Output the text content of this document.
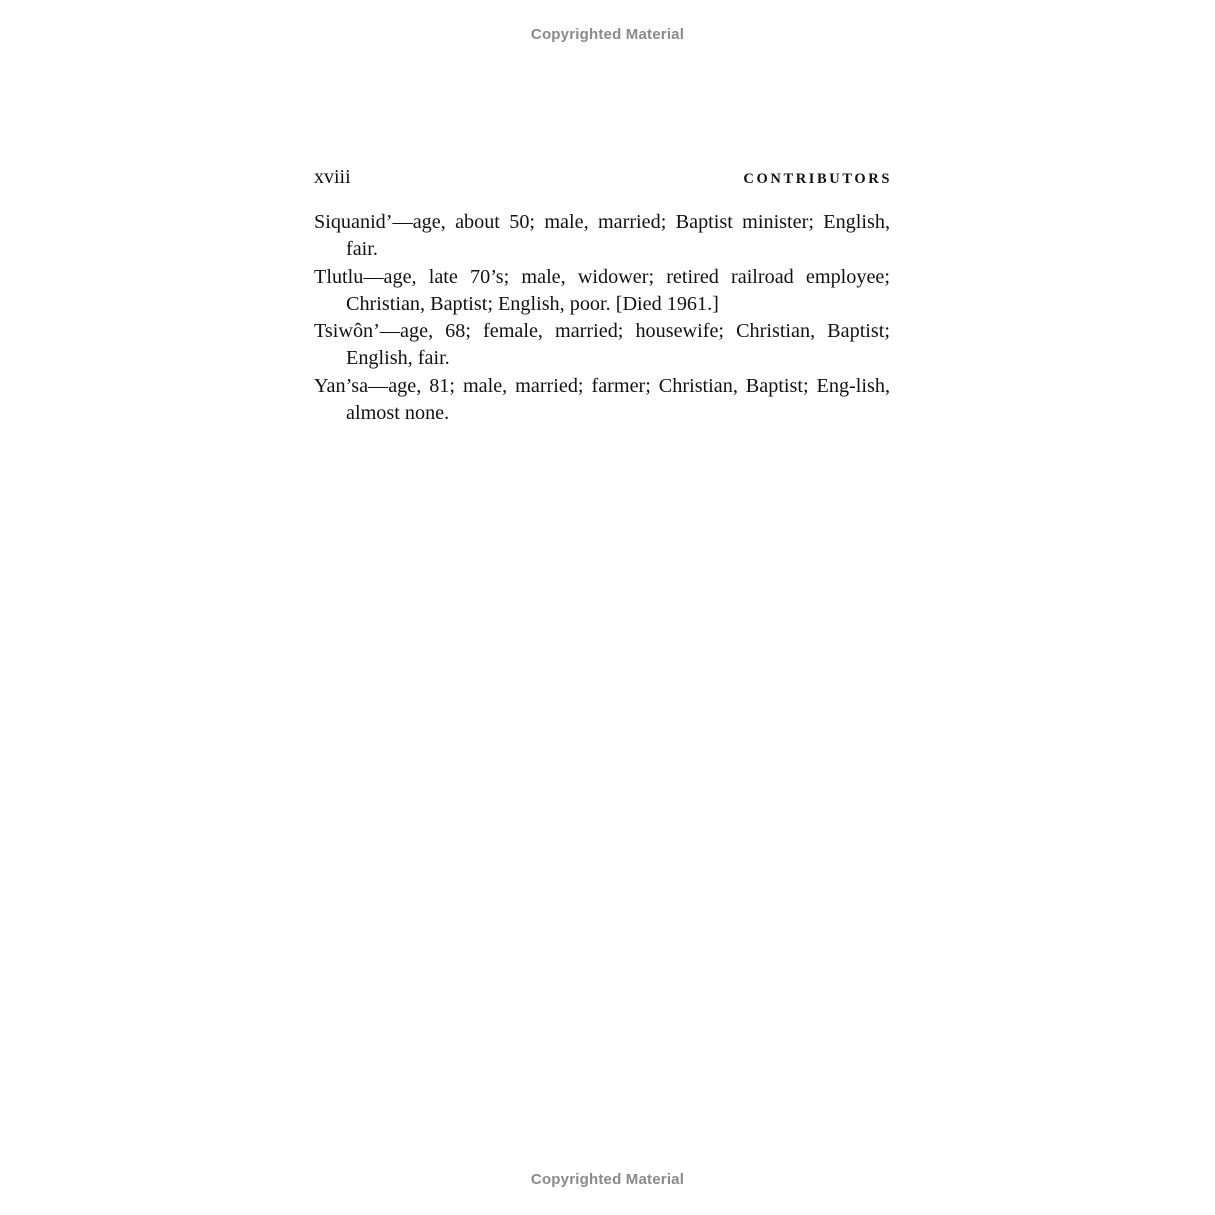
Copyrighted Material
xviii	CONTRIBUTORS
Siquanid’—age, about 50; male, married; Baptist minister; English, fair.
Tlutlu—age, late 70’s; male, widower; retired railroad employee; Christian, Baptist; English, poor. [Died 1961.]
Tsiwôn’—age, 68; female, married; housewife; Christian, Baptist; English, fair.
Yan’sa—age, 81; male, married; farmer; Christian, Baptist; Eng-lish, almost none.
Copyrighted Material
